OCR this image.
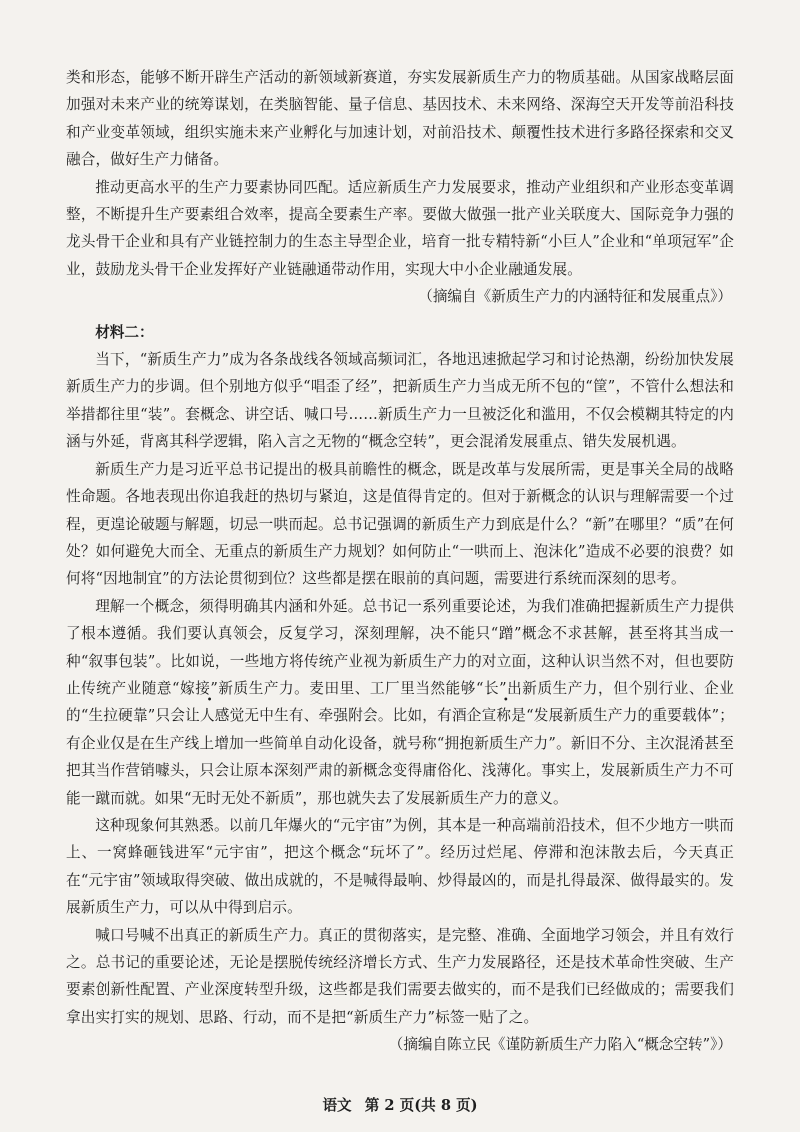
类和形态，能够不断开辟生产活动的新领域新赛道，夯实发展新质生产力的物质基础。从国家战略层面加强对未来产业的统筹谋划，在类脑智能、量子信息、基因技术、未来网络、深海空天开发等前沿科技和产业变革领域，组织实施未来产业孵化与加速计划，对前沿技术、颠覆性技术进行多路径探索和交叉融合，做好生产力储备。

推动更高水平的生产力要素协同匹配。适应新质生产力发展要求，推动产业组织和产业形态变革调整，不断提升生产要素组合效率，提高全要素生产率。要做大做强一批产业关联度大、国际竞争力强的龙头骨干企业和具有产业链控制力的生态主导型企业，培育一批专精特新“小巨人”企业和“单项冠军”企业，鼓励龙头骨干企业发挥好产业链融通带动作用，实现大中小企业融通发展。

（摘编自《新质生产力的内涵特征和发展重点》）

材料二：

当下，“新质生产力”成为各条战线各领域高频词汇，各地迅速掀起学习和讨论热潮，纷纷加快发展新质生产力的步调。但个别地方似乎“唱歪了经”，把新质生产力当成无所不包的“筐”，不管什么想法和举措都往里“装”。套概念、讲空话、喊口号……新质生产力一旦被泛化和滥用，不仅会模糊其特定的内涵与外延，背离其科学逻辑，陷入言之无物的“概念空转”，更会混淆发展重点、错失发展机遇。

新质生产力是习近平总书记提出的极具前瞻性的概念，既是改革与发展所需，更是事关全局的战略性命题。各地表现出你追我赶的热切与紧迫，这是值得肯定的。但对于新概念的认识与理解需要一个过程，更遑论破题与解题，切忌一哄而起。总书记强调的新质生产力到底是什么？“新”在哪里？“质”在何处？如何避免大而全、无重点的新质生产力规划？如何防止“一哄而上、泡沫化”造成不必要的浪费？如何将“因地制宜”的方法论贯彻到位？这些都是摆在眼前的真问题，需要进行系统而深刻的思考。

理解一个概念，须得明确其内涵和外延。总书记一系列重要论述，为我们准确把握新质生产力提供了根本遵循。我们要认真领会，反复学习，深刻理解，决不能只“蹭”概念不求甚解，甚至将其当成一种“叙事包装”。比如说，一些地方将传统产业视为新质生产力的对立面，这种认识当然不对，但也要防止传统产业随意“嫁接”新质生产力。麦田里、工厂里当然能够“长”出新质生产力，但个别行业、企业的“生拉硬靠”只会让人感觉无中生有、牵强附会。比如，有酒企宣称是“发展新质生产力的重要载体”；有企业仅是在生产线上增加一些简单自动化设备，就号称“拥抱新质生产力”。新旧不分、主次混淆甚至把其当作营销噱头，只会让原本深刻严肃的新概念变得庸俗化、浅薄化。事实上，发展新质生产力不可能一蹴而就。如果“无时无处不新质”，那也就失去了发展新质生产力的意义。

这种现象何其熟悉。以前几年爆火的“元宇宙”为例，其本是一种高端前沿技术，但不少地方一哄而上、一窝蜂砸钱进军“元宇宙”，把这个概念“玩坏了”。经历过烂尾、停滞和泡沫散去后，今天真正在“元宇宙”领域取得突破、做出成就的，不是喊得最响、炒得最凶的，而是扎得最深、做得最实的。发展新质生产力，可以从中得到启示。

喊口号喊不出真正的新质生产力。真正的贯彻落实，是完整、准确、全面地学习领会，并且有效行之。总书记的重要论述，无论是摆脱传统经济增长方式、生产力发展路径，还是技术革命性突破、生产要素创新性配置、产业深度转型升级，这些都是我们需要去做实的，而不是我们已经做成的；需要我们拿出实打实的规划、思路、行动，而不是把“新质生产力”标签一贴了之。

（摘编自陈立民《谨防新质生产力陷入“概念空转”》）

语文 第 2 页(共 8 页)
